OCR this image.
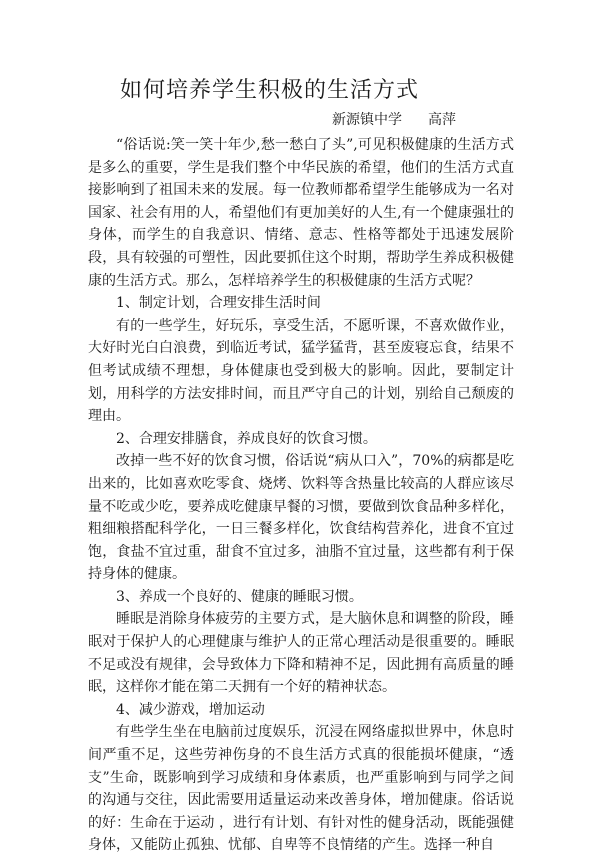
如何培养学生积极的生活方式
新源镇中学 高萍

“俗话说:笑一笑十年少,愁一愁白了头”,可见积极健康的生活方式是多么的重要，学生是我们整个中华民族的希望，他们的生活方式直接影响到了祖国未来的发展。每一位教师都希望学生能够成为一名对国家、社会有用的人，希望他们有更加美好的人生,有一个健康强壮的身体，而学生的自我意识、情绪、意志、性格等都处于迅速发展阶段，具有较强的可塑性，因此要抓住这个时期，帮助学生养成积极健康的生活方式。那么，怎样培养学生的积极健康的生活方式呢？

1、制定计划，合理安排生活时间

有的一些学生，好玩乐，享受生活，不愿听课，不喜欢做作业，大好时光白白浪费，到临近考试，猛学猛背，甚至废寝忘食，结果不但考试成绩不理想，身体健康也受到极大的影响。因此，要制定计划，用科学的方法安排时间，而且严守自己的计划，别给自己颓废的理由。

2、合理安排膳食，养成良好的饮食习惯。

改掉一些不好的饮食习惯，俗话说“病从口入”，70%的病都是吃出来的，比如喜欢吃零食、烧烤、饮料等含热量比较高的人群应该尽量不吃或少吃，要养成吃健康早餐的习惯，要做到饮食品种多样化，粗细粮搭配科学化，一日三餐多样化，饮食结构营养化，进食不宜过饱，食盐不宜过重，甜食不宜过多，油脂不宜过量，这些都有利于保持身体的健康。

3、养成一个良好的、健康的睡眠习惯。

睡眠是消除身体疲劳的主要方式，是大脑休息和调整的阶段，睡眠对于保护人的心理健康与维护人的正常心理活动是很重要的。睡眠不足或没有规律，会导致体力下降和精神不足，因此拥有高质量的睡眠，这样你才能在第二天拥有一个好的精神状态。

4、减少游戏，增加运动

有些学生坐在电脑前过度娱乐，沉浸在网络虚拟世界中，休息时间严重不足，这些劳神伤身的不良生活方式真的很能损坏健康，“透支”生命，既影响到学习成绩和身体素质，也严重影响到与同学之间的沟通与交往，因此需要用适量运动来改善身体，增加健康。俗话说的好：生命在于运动 ，进行有计划、有针对性的健身活动，既能强健身体，又能防止孤独、忧郁、自卑等不良情绪的产生。选择一种自
